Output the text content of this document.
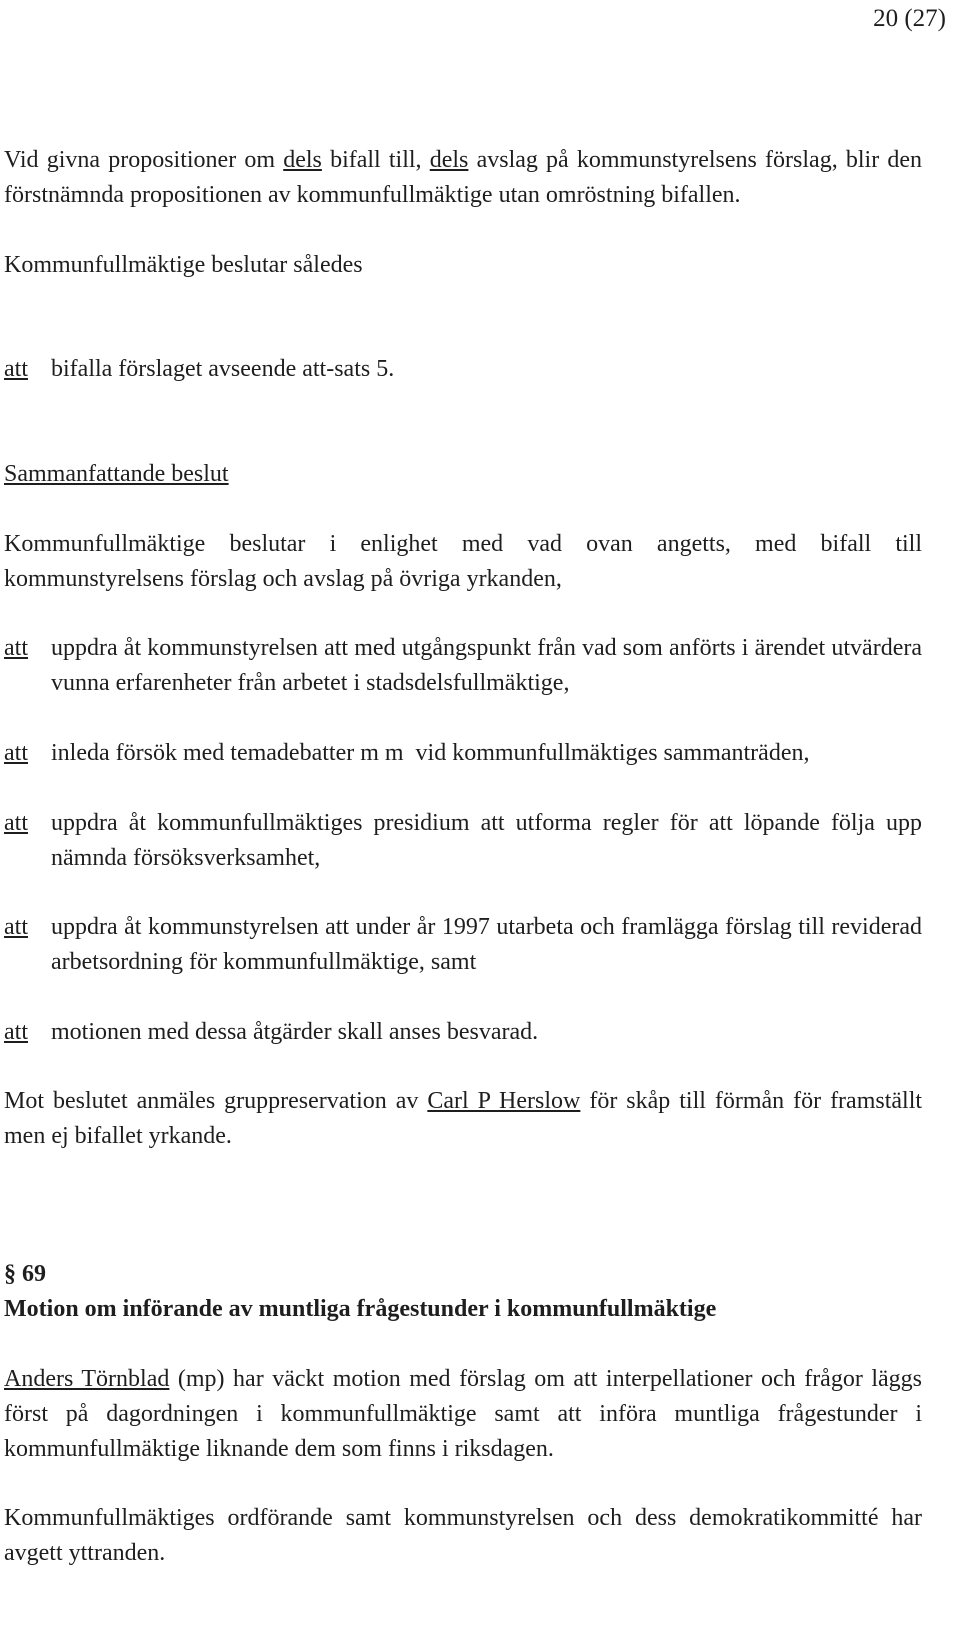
20 (27)

Vid givna propositioner om dels bifall till, dels avslag på kommunstyrelsens förslag, blir den förstnämnda propositionen av kommunfullmäktige utan omröstning bifallen.

Kommunfullmäktige beslutar således

att bifalla förslaget avseende att-sats 5.

Sammanfattande beslut

Kommunfullmäktige beslutar i enlighet med vad ovan angetts, med bifall till kommunstyrelsens förslag och avslag på övriga yrkanden,

att uppdra åt kommunstyrelsen att med utgångspunkt från vad som anförts i ärendet utvärdera vunna erfarenheter från arbetet i stadsdelsfullmäktige,
att inleda försök med temadebatter m m  vid kommunfullmäktiges sammanträden,
att uppdra åt kommunfullmäktiges presidium att utforma regler för att löpande följa upp nämnda försöksverksamhet,
att uppdra åt kommunstyrelsen att under år 1997 utarbeta och framlägga förslag till reviderad arbetsordning för kommunfullmäktige, samt
att motionen med dessa åtgärder skall anses besvarad.

Mot beslutet anmäles gruppreservation av Carl P Herslow för skåp till förmån för framställt men ej bifallet yrkande.

§ 69
Motion om införande av muntliga frågestunder i kommunfullmäktige

Anders Törnblad (mp) har väckt motion med förslag om att interpellationer och frågor läggs först på dagordningen i kommunfullmäktige samt att införa muntliga frågestunder i kommunfullmäktige liknande dem som finns i riksdagen.

Kommunfullmäktiges ordförande samt kommunstyrelsen och dess demokratikommitté har avgett yttranden.
